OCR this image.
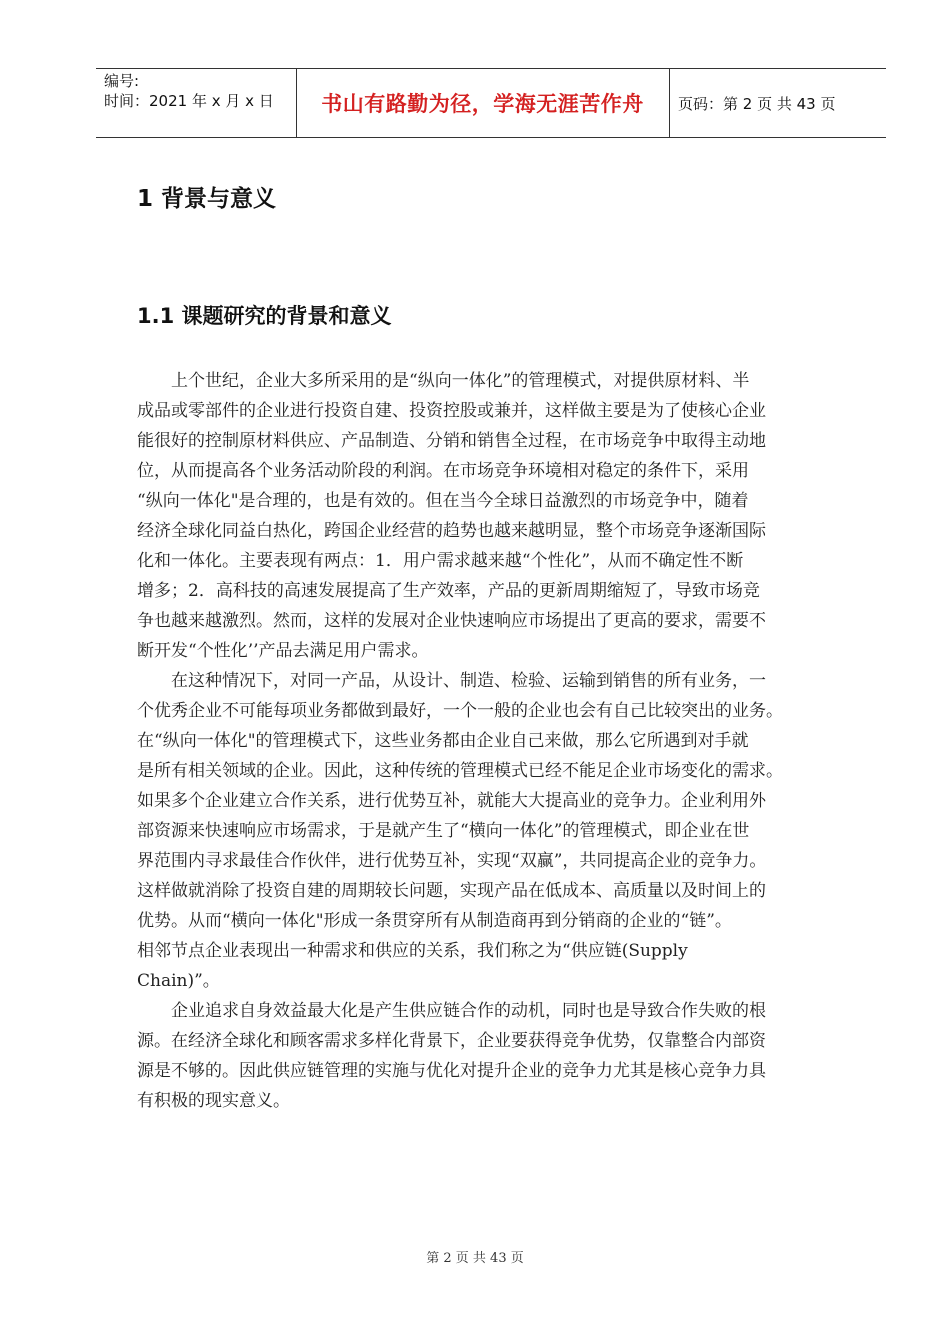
编号:
时间：2021 年 x 月 x 日	书山有路勤为径，学海无涯苦作舟	页码：第 2 页 共 43 页
1 背景与意义
1.1 课题研究的背景和意义
上个世纪，企业大多所采用的是“纵向一体化”的管理模式，对提供原材料、半
成品或零部件的企业进行投资自建、投资控股或兼并，这样做主要是为了使核心企业
能很好的控制原材料供应、产品制造、分销和销售全过程，在市场竞争中取得主动地
位，从而提高各个业务活动阶段的利润。在市场竞争环境相对稳定的条件下，采用
“纵向一体化"是合理的，也是有效的。但在当今全球日益激烈的市场竞争中，随着
经济全球化同益白热化，跨国企业经营的趋势也越来越明显，整个市场竞争逐渐国际
化和一体化。主要表现有两点：1．用户需求越来越“个性化”，从而不确定性不断
增多；2．高科技的高速发展提高了生产效率，产品的更新周期缩短了，导致市场竞
争也越来越激烈。然而，这样的发展对企业快速响应市场提出了更高的要求，需要不
断开发“个性化’’产品去满足用户需求。
在这种情况下，对同一产品，从设计、制造、检验、运输到销售的所有业务，一
个优秀企业不可能每项业务都做到最好，一个一般的企业也会有自己比较突出的业务。
在“纵向一体化"的管理模式下，这些业务都由企业自己来做，那么它所遇到对手就
是所有相关领域的企业。因此，这种传统的管理模式已经不能足企业市场变化的需求。
如果多个企业建立合作关系，进行优势互补，就能大大提高业的竞争力。企业利用外
部资源来快速响应市场需求，于是就产生了“横向一体化”的管理模式，即企业在世
界范围内寻求最佳合作伙伴，进行优势互补，实现“双赢”，共同提高企业的竞争力。
这样做就消除了投资自建的周期较长问题，实现产品在低成本、高质量以及时间上的
优势。从而“横向一体化"形成一条贯穿所有从制造商再到分销商的企业的“链”。
相邻节点企业表现出一种需求和供应的关系，我们称之为“供应链(Supply
Chain)”。
企业追求自身效益最大化是产生供应链合作的动机，同时也是导致合作失败的根
源。在经济全球化和顾客需求多样化背景下，企业要获得竞争优势，仅靠整合内部资
源是不够的。因此供应链管理的实施与优化对提升企业的竞争力尤其是核心竞争力具
有积极的现实意义。
第 2 页 共 43 页
